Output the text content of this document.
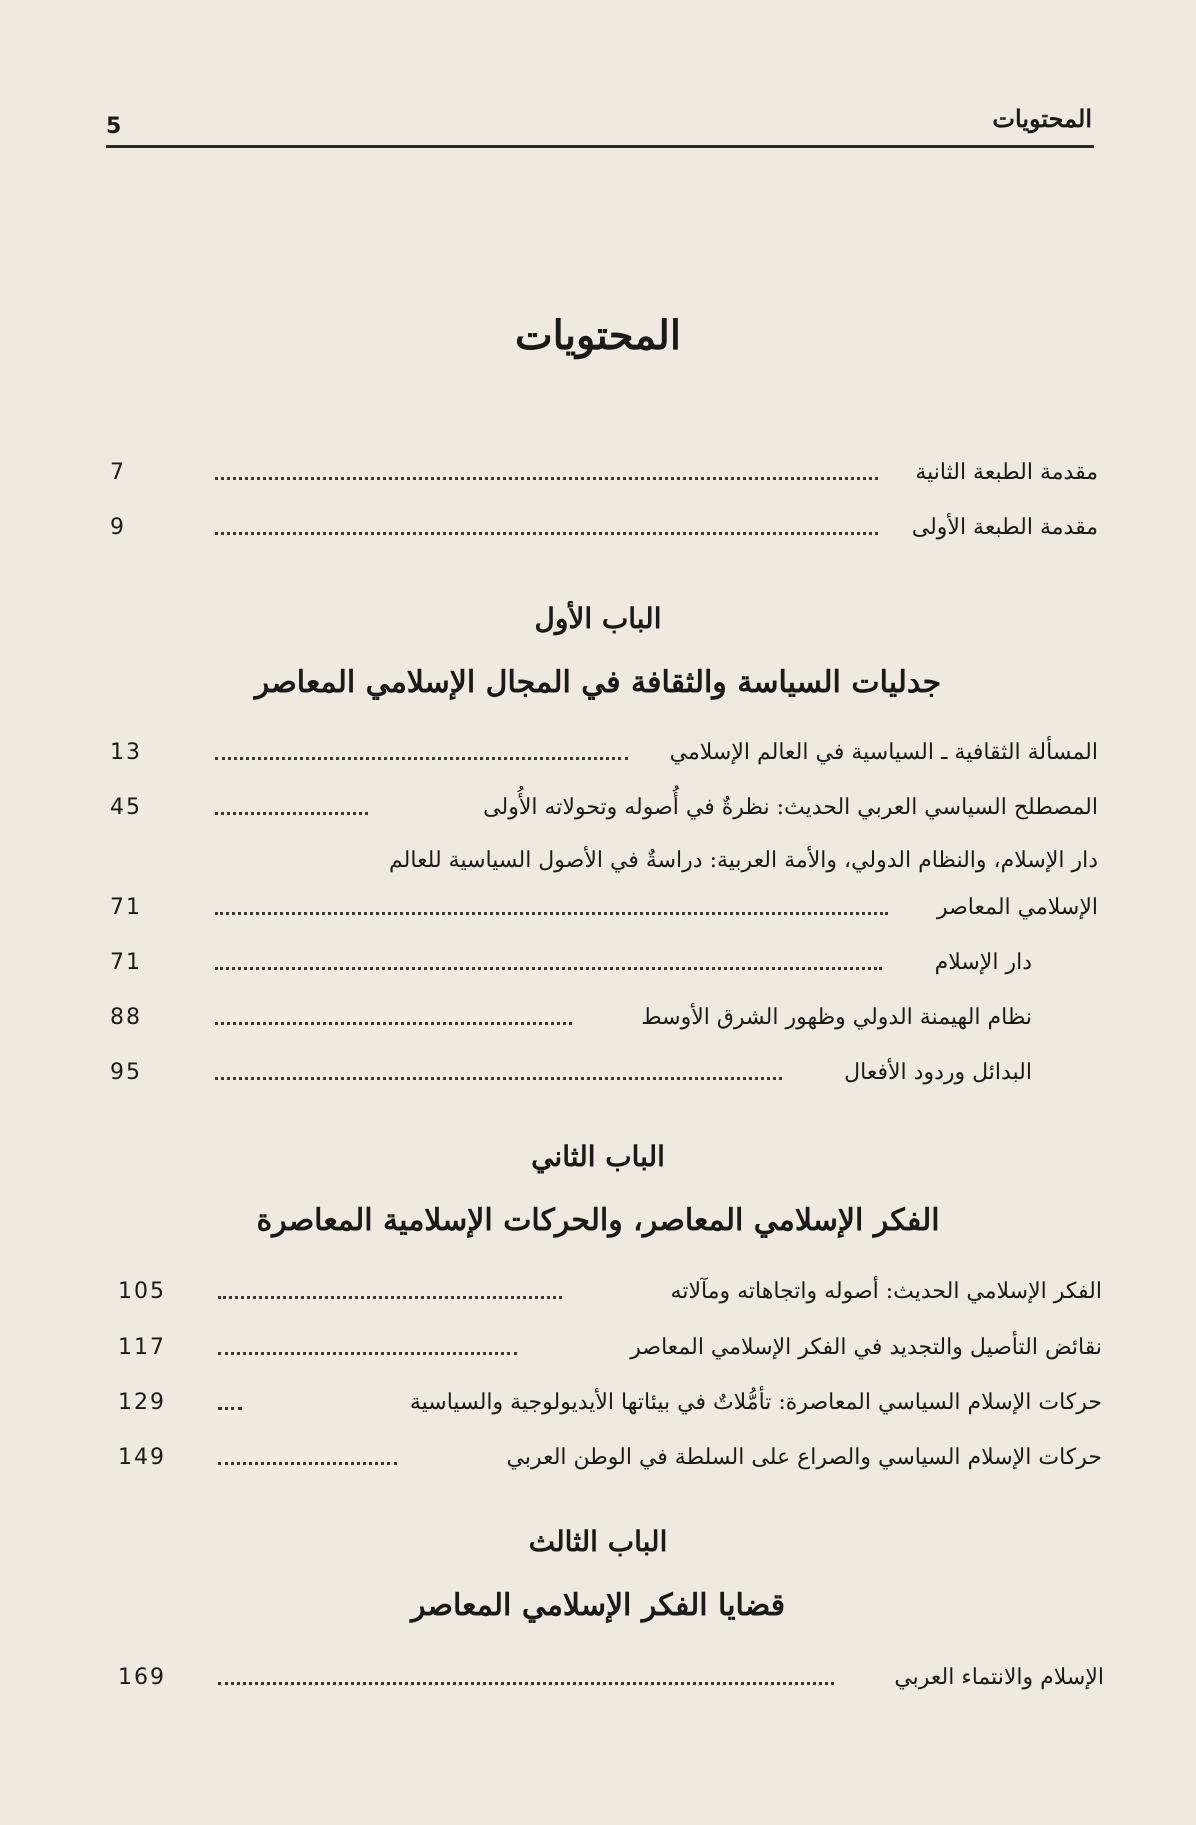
المحتويات
5
المحتويات
مقدمة الطبعة الثانية
7
مقدمة الطبعة الأولى
9
الباب الأول
جدليات السياسة والثقافة في المجال الإسلامي المعاصر
المسألة الثقافية ـ السياسية في العالم الإسلامي
13
المصطلح السياسي العربي الحديث: نظرةٌ في أُصوله وتحولاته الأُولى
45
دار الإسلام، والنظام الدولي، والأمة العربية: دراسةٌ في الأصول السياسية للعالم
الإسلامي المعاصر
71
دار الإسلام
71
نظام الهيمنة الدولي وظهور الشرق الأوسط
88
البدائل وردود الأفعال
95
الباب الثاني
الفكر الإسلامي المعاصر، والحركات الإسلامية المعاصرة
الفكر الإسلامي الحديث: أصوله واتجاهاته ومآلاته
105
نقائض التأصيل والتجديد في الفكر الإسلامي المعاصر
117
حركات الإسلام السياسي المعاصرة: تأمُّلاتٌ في بيئاتها الأيديولوجية والسياسية
129
حركات الإسلام السياسي والصراع على السلطة في الوطن العربي
149
الباب الثالث
قضايا الفكر الإسلامي المعاصر
الإسلام والانتماء العربي
169
